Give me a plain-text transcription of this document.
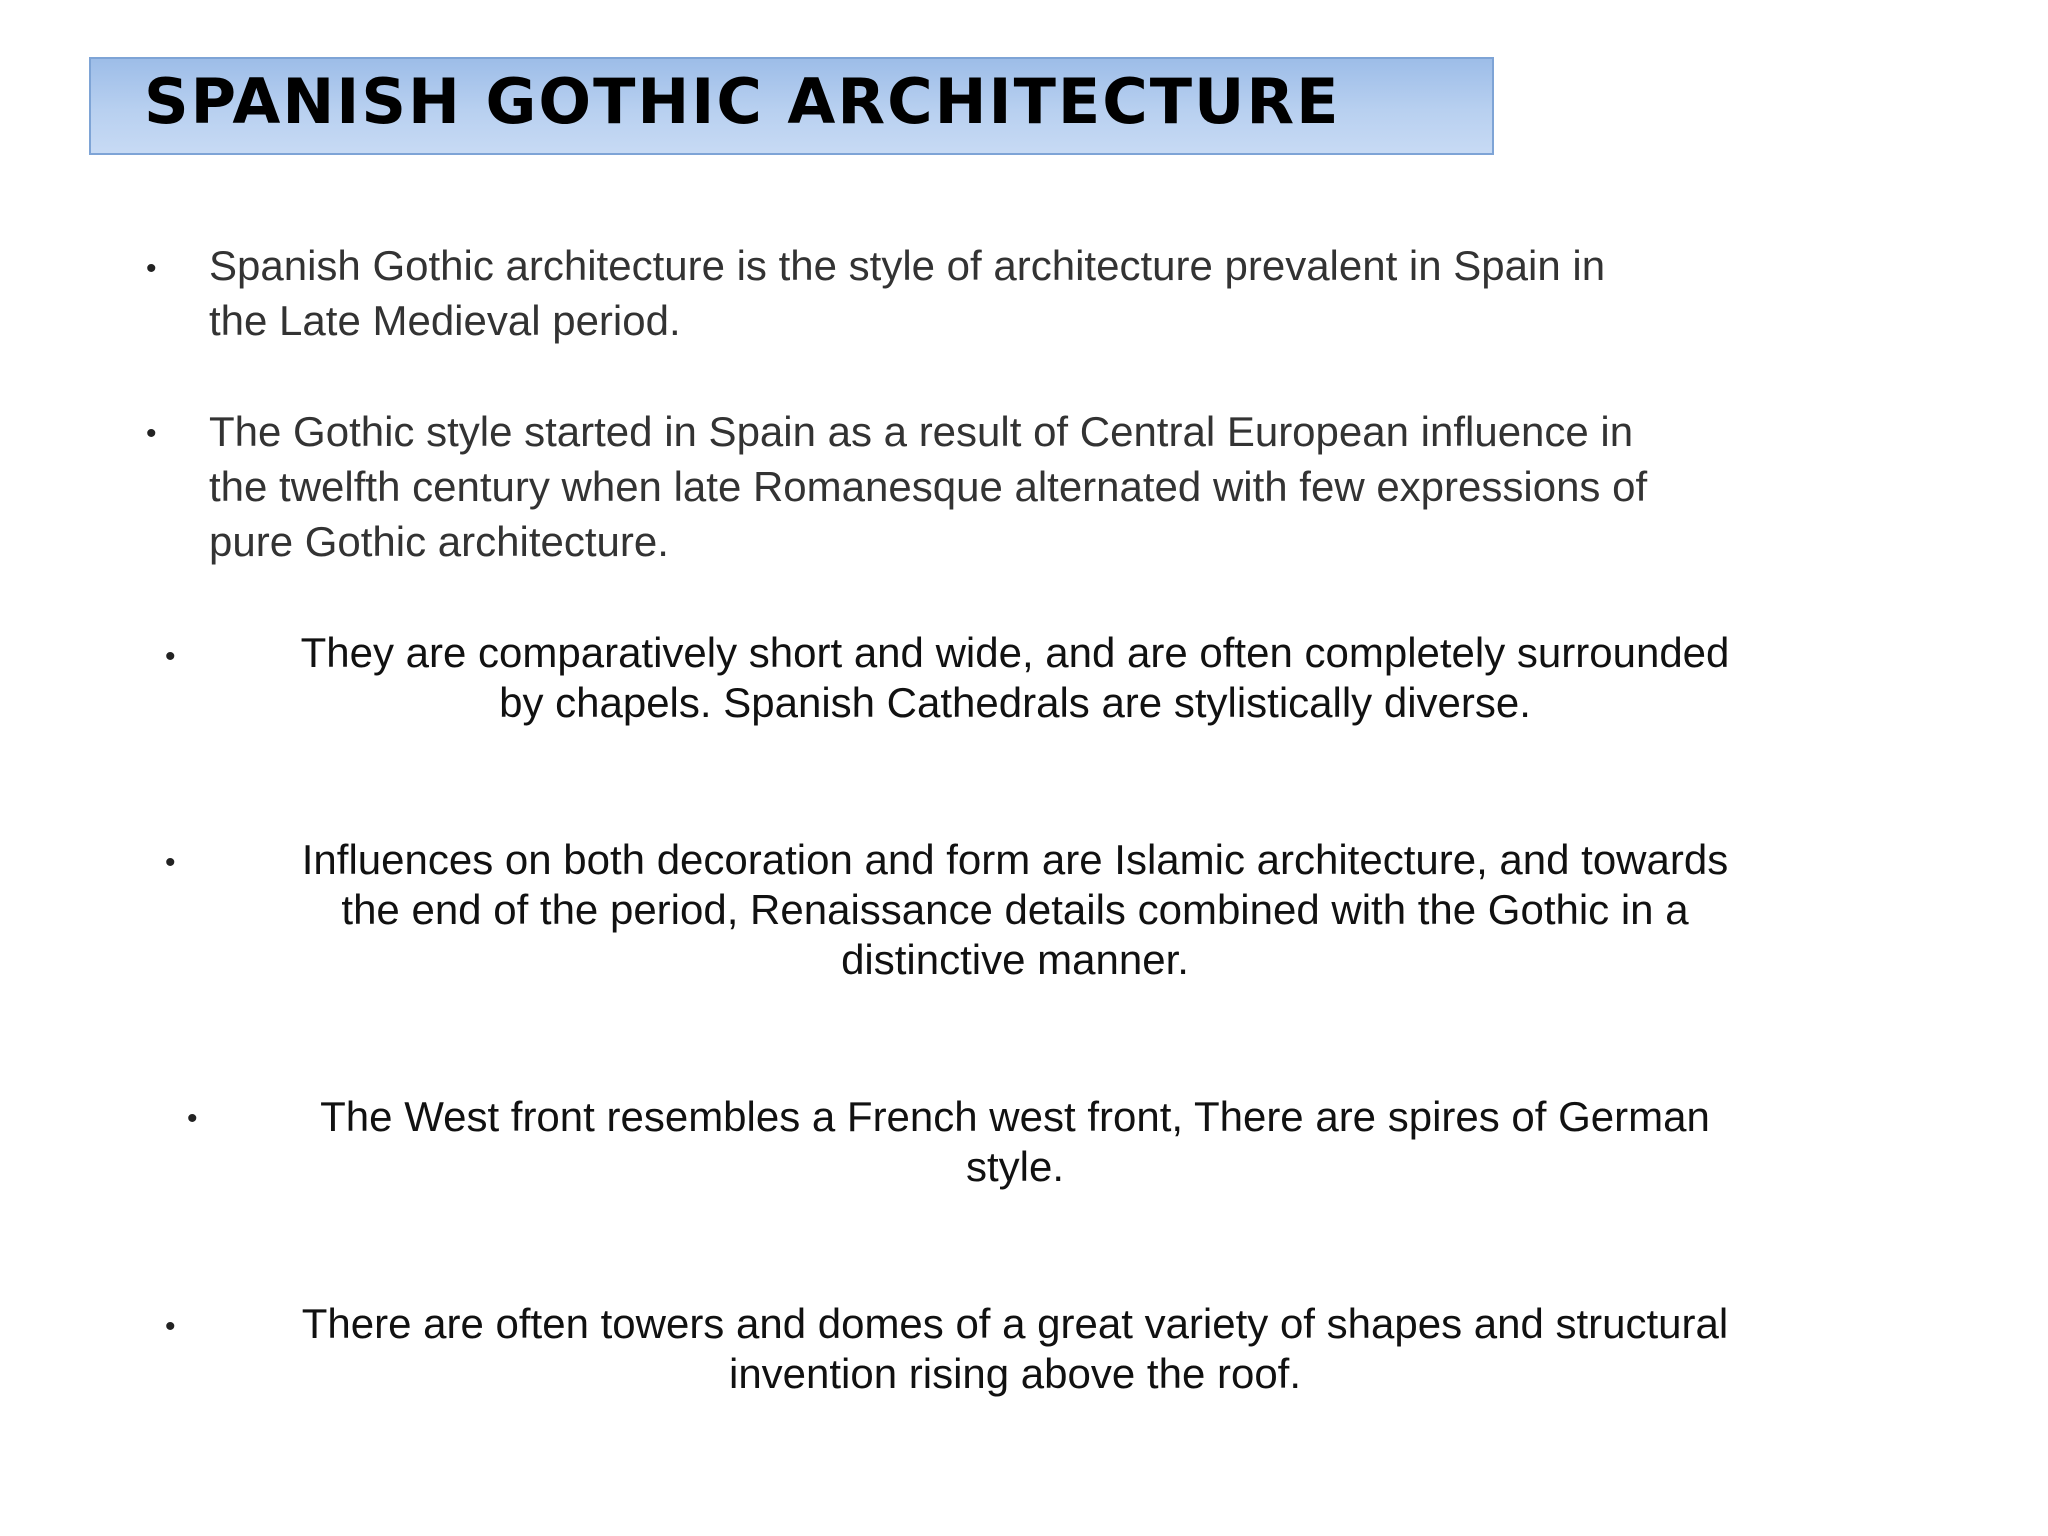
SPANISH GOTHIC ARCHITECTURE
• Spanish Gothic architecture is the style of architecture prevalent in Spain in
the Late Medieval period.
• The Gothic style started in Spain as a result of Central European influence in
the twelfth century when late Romanesque alternated with few expressions of
pure Gothic architecture.
•	They are comparatively short and wide, and are often completely surrounded
by chapels. Spanish Cathedrals are stylistically diverse.
•	Influences on both decoration and form are Islamic architecture, and towards
the end of the period, Renaissance details combined with the Gothic in a
distinctive manner.
•	The West front resembles a French west front, There are spires of German
style.
•	There are often towers and domes of a great variety of shapes and structural
invention rising above the roof.
